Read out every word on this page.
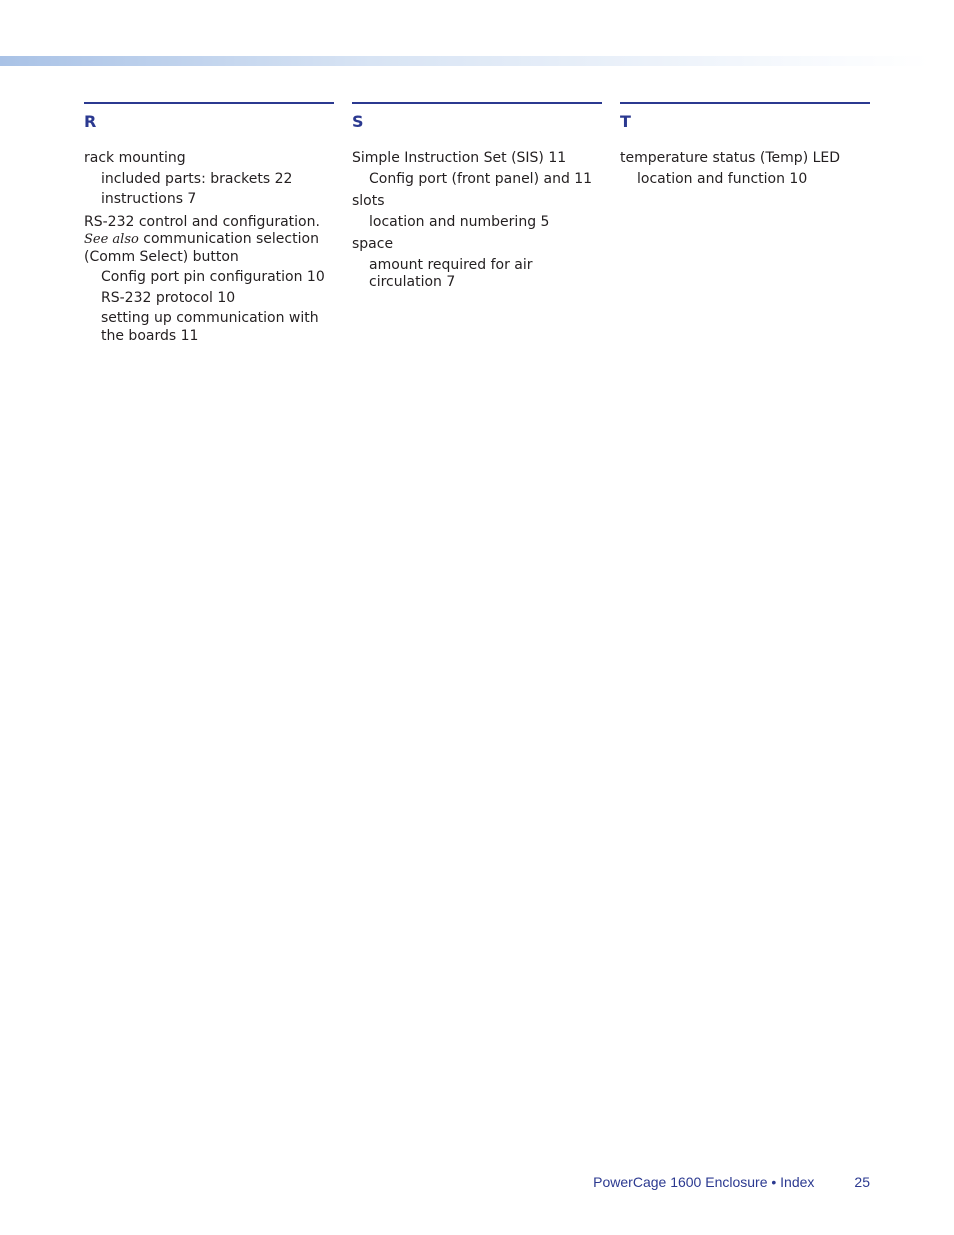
R
rack mounting
included parts: brackets 22
instructions 7
RS-232 control and configuration. See also communication selection (Comm Select) button
Config port pin configuration 10
RS-232 protocol 10
setting up communication with the boards 11
S
Simple Instruction Set (SIS) 11
Config port (front panel) and 11
slots
location and numbering 5
space
amount required for air circulation 7
T
temperature status (Temp) LED
location and function 10
PowerCage 1600 Enclosure • Index	25
